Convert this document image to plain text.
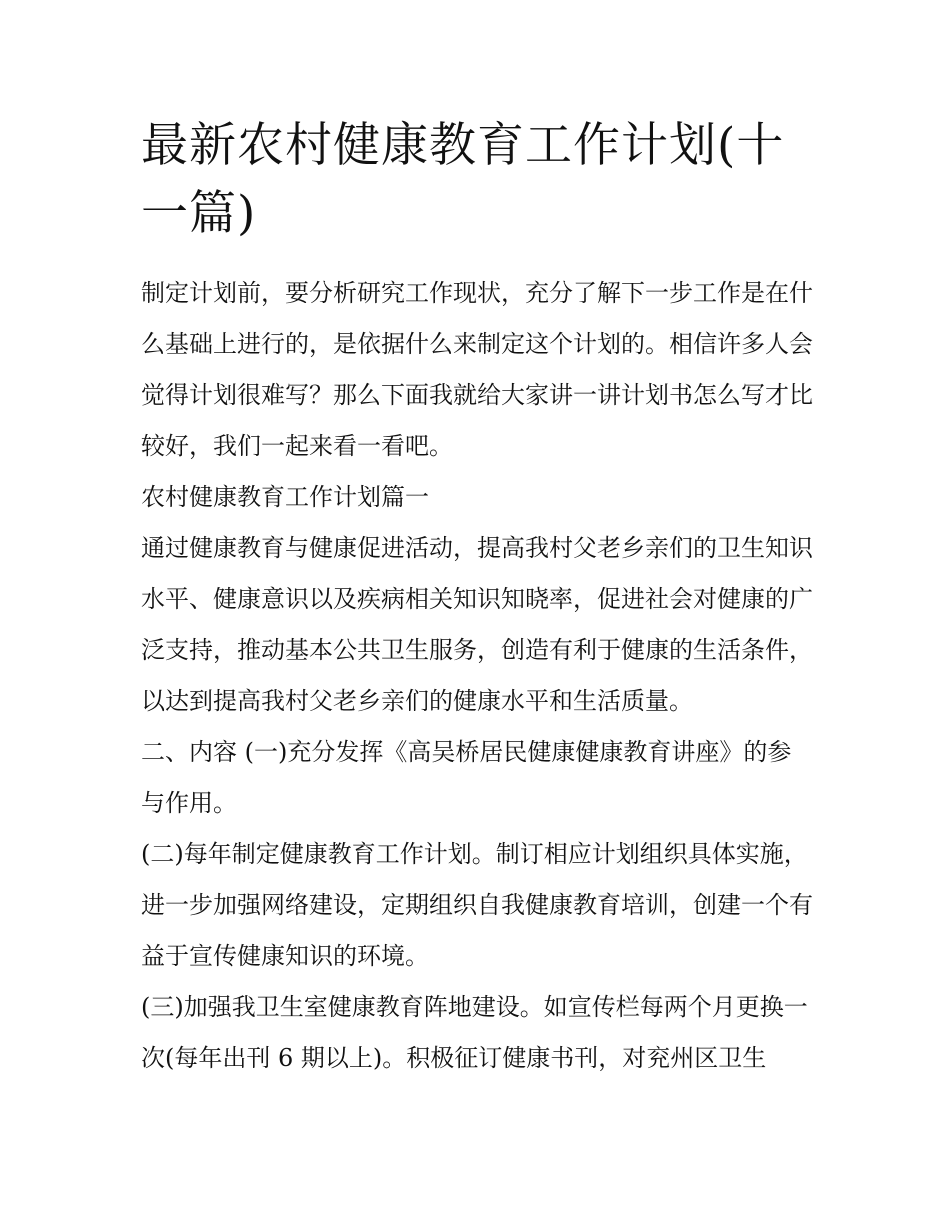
最新农村健康教育工作计划(十一篇)

制定计划前，要分析研究工作现状，充分了解下一步工作是在什么基础上进行的，是依据什么来制定这个计划的。相信许多人会觉得计划很难写？那么下面我就给大家讲一讲计划书怎么写才比较好，我们一起来看一看吧。

农村健康教育工作计划篇一

通过健康教育与健康促进活动，提高我村父老乡亲们的卫生知识水平、健康意识以及疾病相关知识知晓率，促进社会对健康的广泛支持，推动基本公共卫生服务，创造有利于健康的生活条件，以达到提高我村父老乡亲们的健康水平和生活质量。

二、内容 (一)充分发挥《高吴桥居民健康健康教育讲座》的参与作用。

(二)每年制定健康教育工作计划。制订相应计划组织具体实施，进一步加强网络建设，定期组织自我健康教育培训，创建一个有益于宣传健康知识的环境。

(三)加强我卫生室健康教育阵地建设。如宣传栏每两个月更换一次(每年出刊 6 期以上)。积极征订健康书刊，对兖州区卫生
